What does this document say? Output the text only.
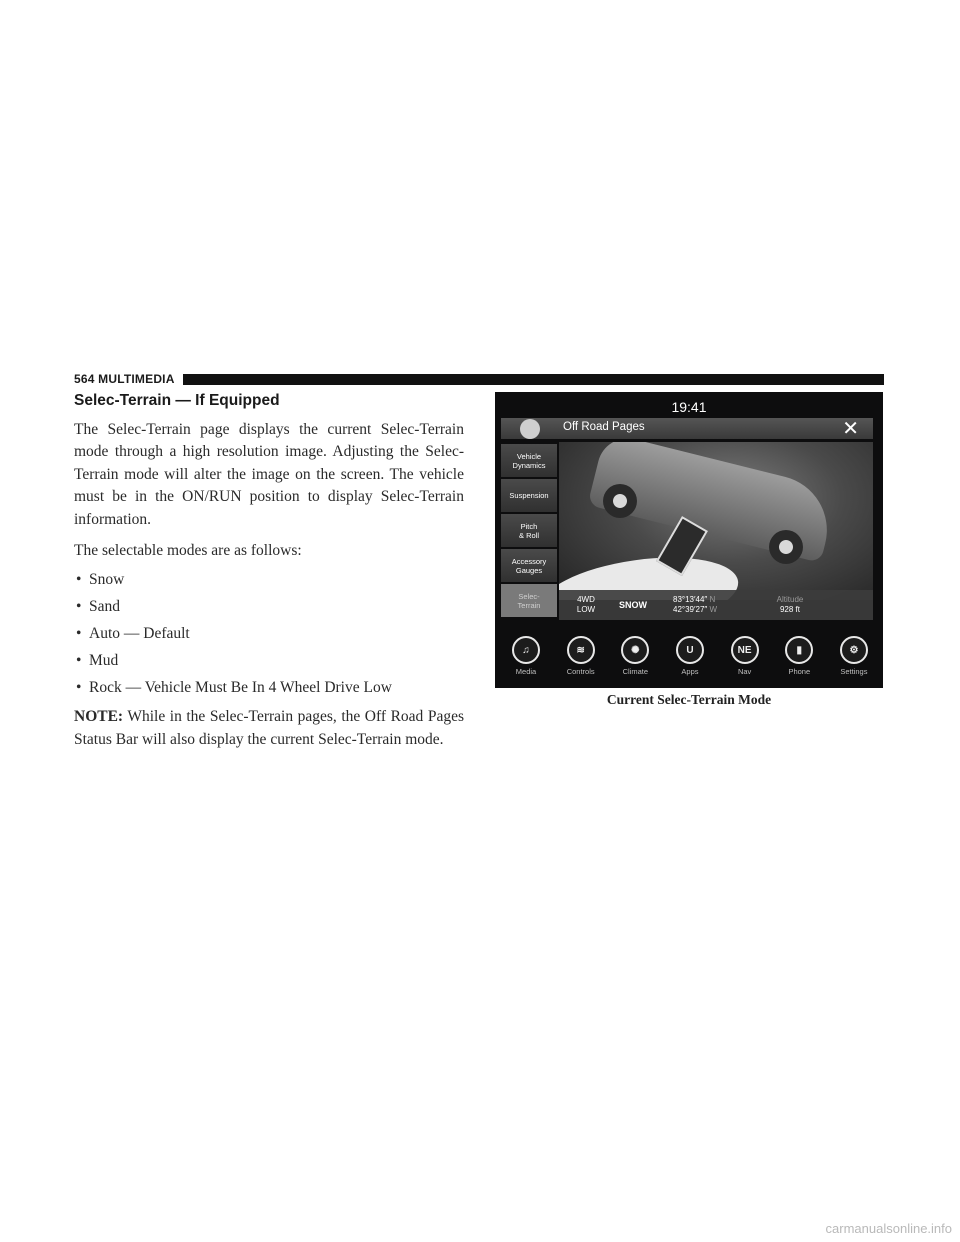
564 MULTIMEDIA
Selec-Terrain — If Equipped

The Selec-Terrain page displays the current Selec-Terrain mode through a high resolution image. Adjusting the Selec-Terrain mode will alter the image on the screen. The vehicle must be in the ON/RUN position to display Selec-Terrain information.

The selectable modes are as follows:

• Snow
• Sand
• Auto — Default
• Mud
• Rock — Vehicle Must Be In 4 Wheel Drive Low

NOTE: While in the Selec-Terrain pages, the Off Road Pages Status Bar will also display the current Selec-Terrain mode.

19:41
Off Road Pages	✕
Vehicle
Dynamics
Suspension
Pitch
& Roll
Accessory
Gauges
Selec-
Terrain
4WD
LOW	SNOW
83°13′44″ N
42°39′27″ W
Altitude
928 ft
♫
Media
≋
Controls
✺
Climate
U
Apps
NE
Nav
▮
Phone
⚙
Settings
Current Selec-Terrain Mode
carmanualsonline.info
